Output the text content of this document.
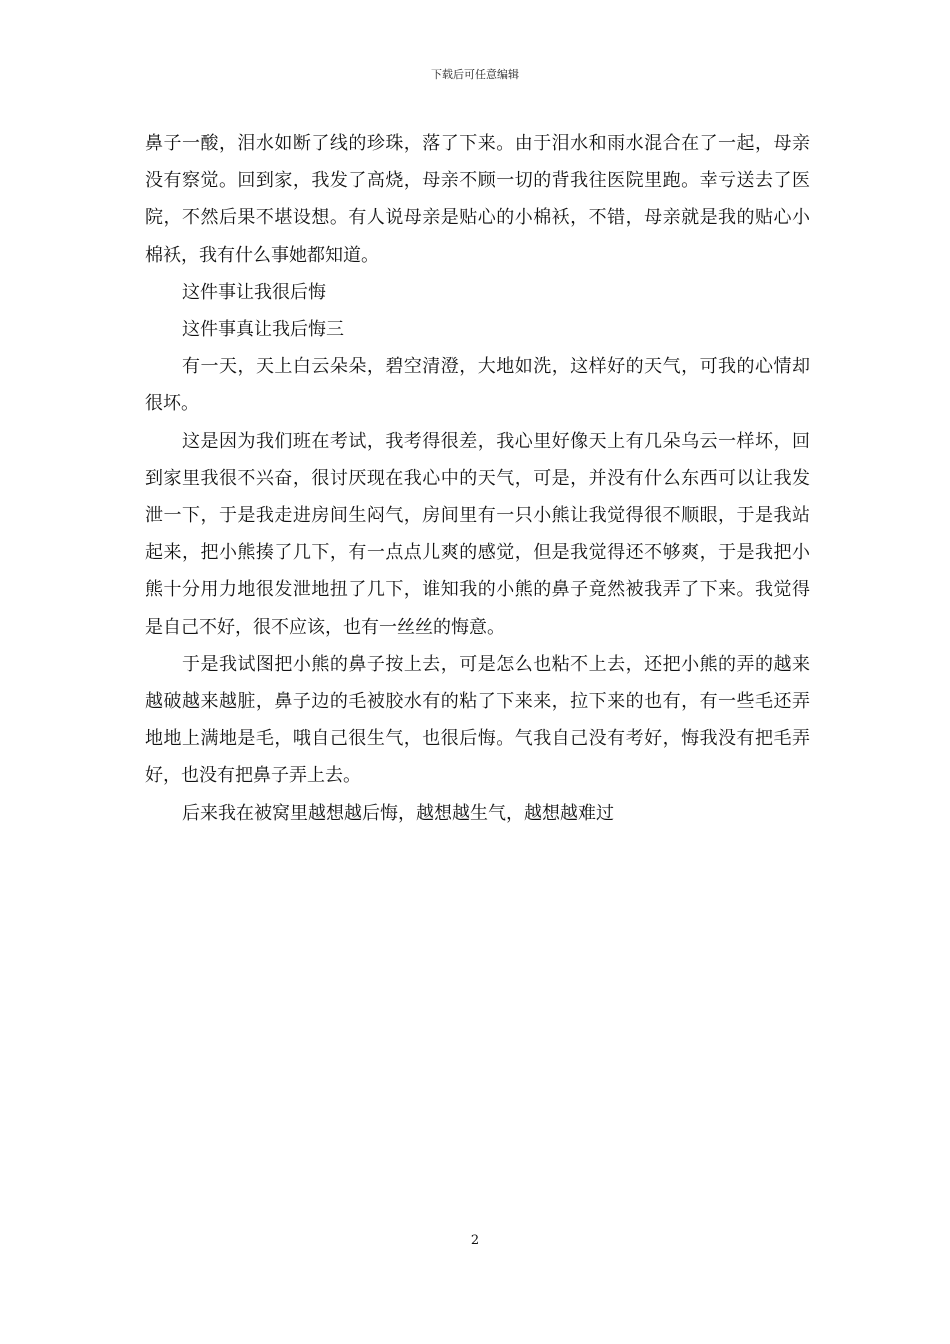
下载后可任意编辑

鼻子一酸，泪水如断了线的珍珠，落了下来。由于泪水和雨水混合在了一起，母亲没有察觉。回到家，我发了高烧，母亲不顾一切的背我往医院里跑。幸亏送去了医院，不然后果不堪设想。有人说母亲是贴心的小棉袄，不错，母亲就是我的贴心小棉袄，我有什么事她都知道。

这件事让我很后悔

这件事真让我后悔三

有一天，天上白云朵朵，碧空清澄，大地如洗，这样好的天气，可我的心情却很坏。

这是因为我们班在考试，我考得很差，我心里好像天上有几朵乌云一样坏，回到家里我很不兴奋，很讨厌现在我心中的天气，可是，并没有什么东西可以让我发泄一下，于是我走进房间生闷气，房间里有一只小熊让我觉得很不顺眼，于是我站起来，把小熊揍了几下，有一点点儿爽的感觉，但是我觉得还不够爽，于是我把小熊十分用力地很发泄地扭了几下，谁知我的小熊的鼻子竟然被我弄了下来。我觉得是自己不好，很不应该，也有一丝丝的悔意。

于是我试图把小熊的鼻子按上去，可是怎么也粘不上去，还把小熊的弄的越来越破越来越脏，鼻子边的毛被胶水有的粘了下来来，拉下来的也有，有一些毛还弄地地上满地是毛，哦自己很生气，也很后悔。气我自己没有考好，悔我没有把毛弄好，也没有把鼻子弄上去。

后来我在被窝里越想越后悔，越想越生气，越想越难过

2
